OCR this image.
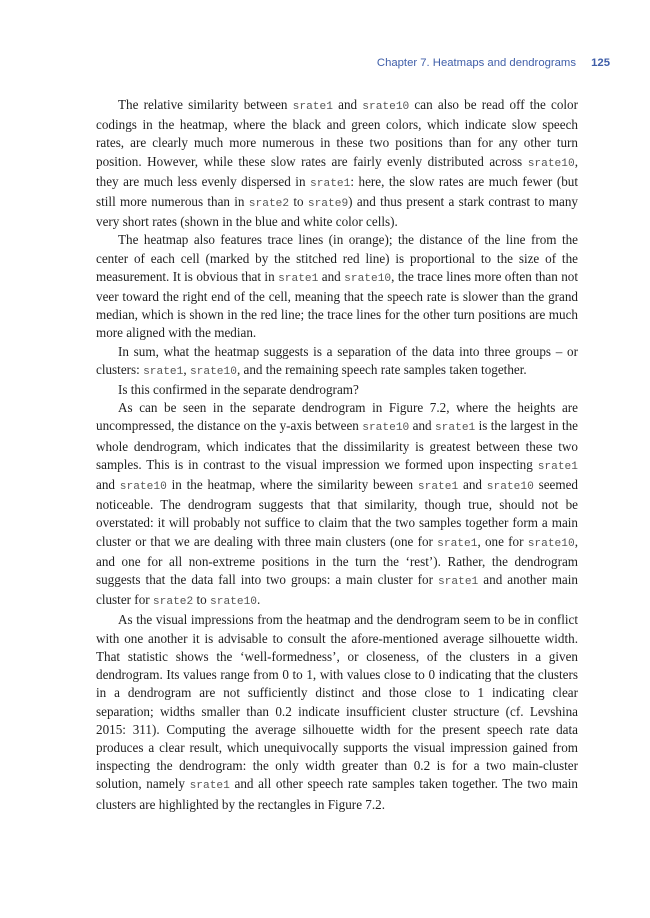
Chapter 7. Heatmaps and dendrograms 125

The relative similarity between srate1 and srate10 can also be read off the color codings in the heatmap, where the black and green colors, which indicate slow speech rates, are clearly much more numerous in these two positions than for any other turn position. However, while these slow rates are fairly evenly distributed across srate10, they are much less evenly dispersed in srate1: here, the slow rates are much fewer (but still more numerous than in srate2 to srate9) and thus present a stark contrast to many very short rates (shown in the blue and white color cells).

The heatmap also features trace lines (in orange); the distance of the line from the center of each cell (marked by the stitched red line) is proportional to the size of the measurement. It is obvious that in srate1 and srate10, the trace lines more often than not veer toward the right end of the cell, meaning that the speech rate is slower than the grand median, which is shown in the red line; the trace lines for the other turn positions are much more aligned with the median.

In sum, what the heatmap suggests is a separation of the data into three groups – or clusters: srate1, srate10, and the remaining speech rate samples taken together.

Is this confirmed in the separate dendrogram?

As can be seen in the separate dendrogram in Figure 7.2, where the heights are uncompressed, the distance on the y-axis between srate10 and srate1 is the largest in the whole dendrogram, which indicates that the dissimilarity is greatest between these two samples. This is in contrast to the visual impression we formed upon inspecting srate1 and srate10 in the heatmap, where the similarity beween srate1 and srate10 seemed noticeable. The dendrogram suggests that that similarity, though true, should not be overstated: it will probably not suffice to claim that the two samples together form a main cluster or that we are dealing with three main clusters (one for srate1, one for srate10, and one for all non-extreme positions in the turn the ‘rest’). Rather, the dendrogram suggests that the data fall into two groups: a main cluster for srate1 and another main cluster for srate2 to srate10.

As the visual impressions from the heatmap and the dendrogram seem to be in conflict with one another it is advisable to consult the afore-mentioned average silhouette width. That statistic shows the ‘well-formedness’, or closeness, of the clusters in a given dendrogram. Its values range from 0 to 1, with values close to 0 indicating that the clusters in a dendrogram are not sufficiently distinct and those close to 1 indicating clear separation; widths smaller than 0.2 indicate insufficient cluster structure (cf. Levshina 2015: 311). Computing the average silhouette width for the present speech rate data produces a clear result, which unequivocally supports the visual impression gained from inspecting the dendrogram: the only width greater than 0.2 is for a two main-cluster solution, namely srate1 and all other speech rate samples taken together. The two main clusters are highlighted by the rectangles in Figure 7.2.
